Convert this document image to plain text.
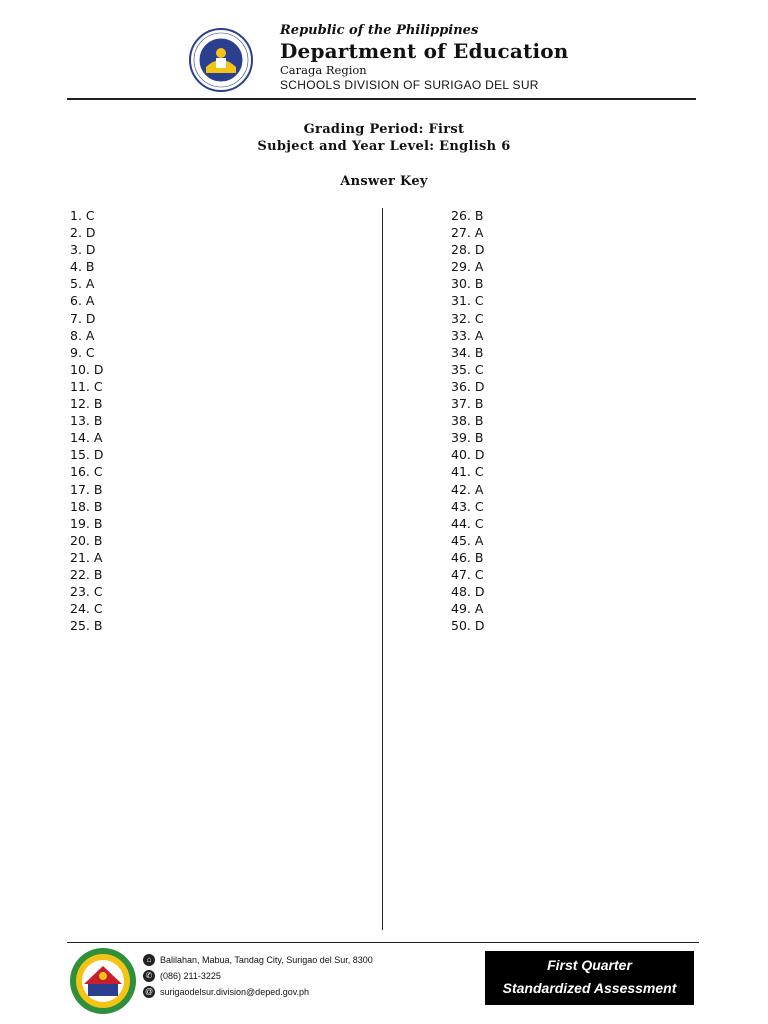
Republic of the Philippines
Department of Education
Caraga Region
SCHOOLS DIVISION OF SURIGAO DEL SUR
Grading Period: First
Subject and Year Level: English 6
Answer Key
1. C
2. D
3. D
4. B
5. A
6. A
7. D
8. A
9. C
10. D
11. C
12. B
13. B
14. A
15. D
16. C
17. B
18. B
19. B
20. B
21. A
22. B
23. C
24. C
25. B
26. B
27. A
28. D
29. A
30. B
31. C
32. C
33. A
34. B
35. C
36. D
37. B
38. B
39. B
40. D
41. C
42. A
43. C
44. C
45. A
46. B
47. C
48. D
49. A
50. D
⌂ Balilahan, Mabua, Tandag City, Surigao del Sur, 8300
✆ (086) 211-3225
@ surigaodelsur.division@deped.gov.ph
First Quarter
Standardized Assessment
